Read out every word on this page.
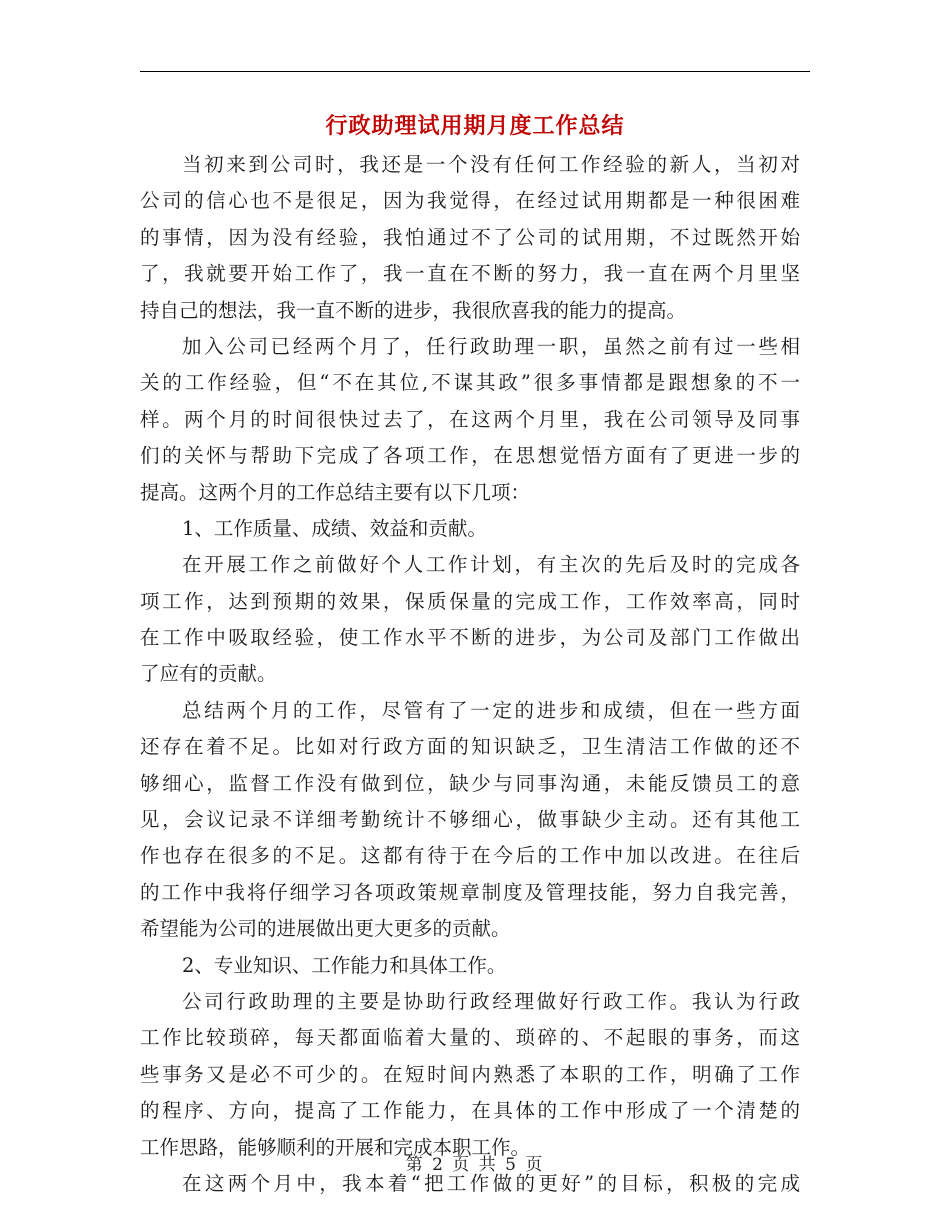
行政助理试用期月度工作总结
当初来到公司时，我还是一个没有任何工作经验的新人，当初对
公司的信心也不是很足，因为我觉得，在经过试用期都是一种很困难
的事情，因为没有经验，我怕通过不了公司的试用期，不过既然开始
了，我就要开始工作了，我一直在不断的努力，我一直在两个月里坚
持自己的想法，我一直不断的进步，我很欣喜我的能力的提高。
加入公司已经两个月了，任行政助理一职，虽然之前有过一些相
关的工作经验，但“不在其位,不谋其政”很多事情都是跟想象的不一
样。两个月的时间很快过去了，在这两个月里，我在公司领导及同事
们的关怀与帮助下完成了各项工作，在思想觉悟方面有了更进一步的
提高。这两个月的工作总结主要有以下几项：
1、工作质量、成绩、效益和贡献。
在开展工作之前做好个人工作计划，有主次的先后及时的完成各
项工作，达到预期的效果，保质保量的完成工作，工作效率高，同时
在工作中吸取经验，使工作水平不断的进步，为公司及部门工作做出
了应有的贡献。
总结两个月的工作，尽管有了一定的进步和成绩，但在一些方面
还存在着不足。比如对行政方面的知识缺乏，卫生清洁工作做的还不
够细心，监督工作没有做到位，缺少与同事沟通，未能反馈员工的意
见，会议记录不详细考勤统计不够细心，做事缺少主动。还有其他工
作也存在很多的不足。这都有待于在今后的工作中加以改进。在往后
的工作中我将仔细学习各项政策规章制度及管理技能，努力自我完善，
希望能为公司的进展做出更大更多的贡献。
2、专业知识、工作能力和具体工作。
公司行政助理的主要是协助行政经理做好行政工作。我认为行政
工作比较琐碎，每天都面临着大量的、琐碎的、不起眼的事务，而这
些事务又是必不可少的。在短时间内熟悉了本职的工作，明确了工作
的程序、方向，提高了工作能力，在具体的工作中形成了一个清楚的
工作思路，能够顺利的开展和完成本职工作。
在这两个月中，我本着“把工作做的更好”的目标，积极的完成
第 2 页 共 5 页
